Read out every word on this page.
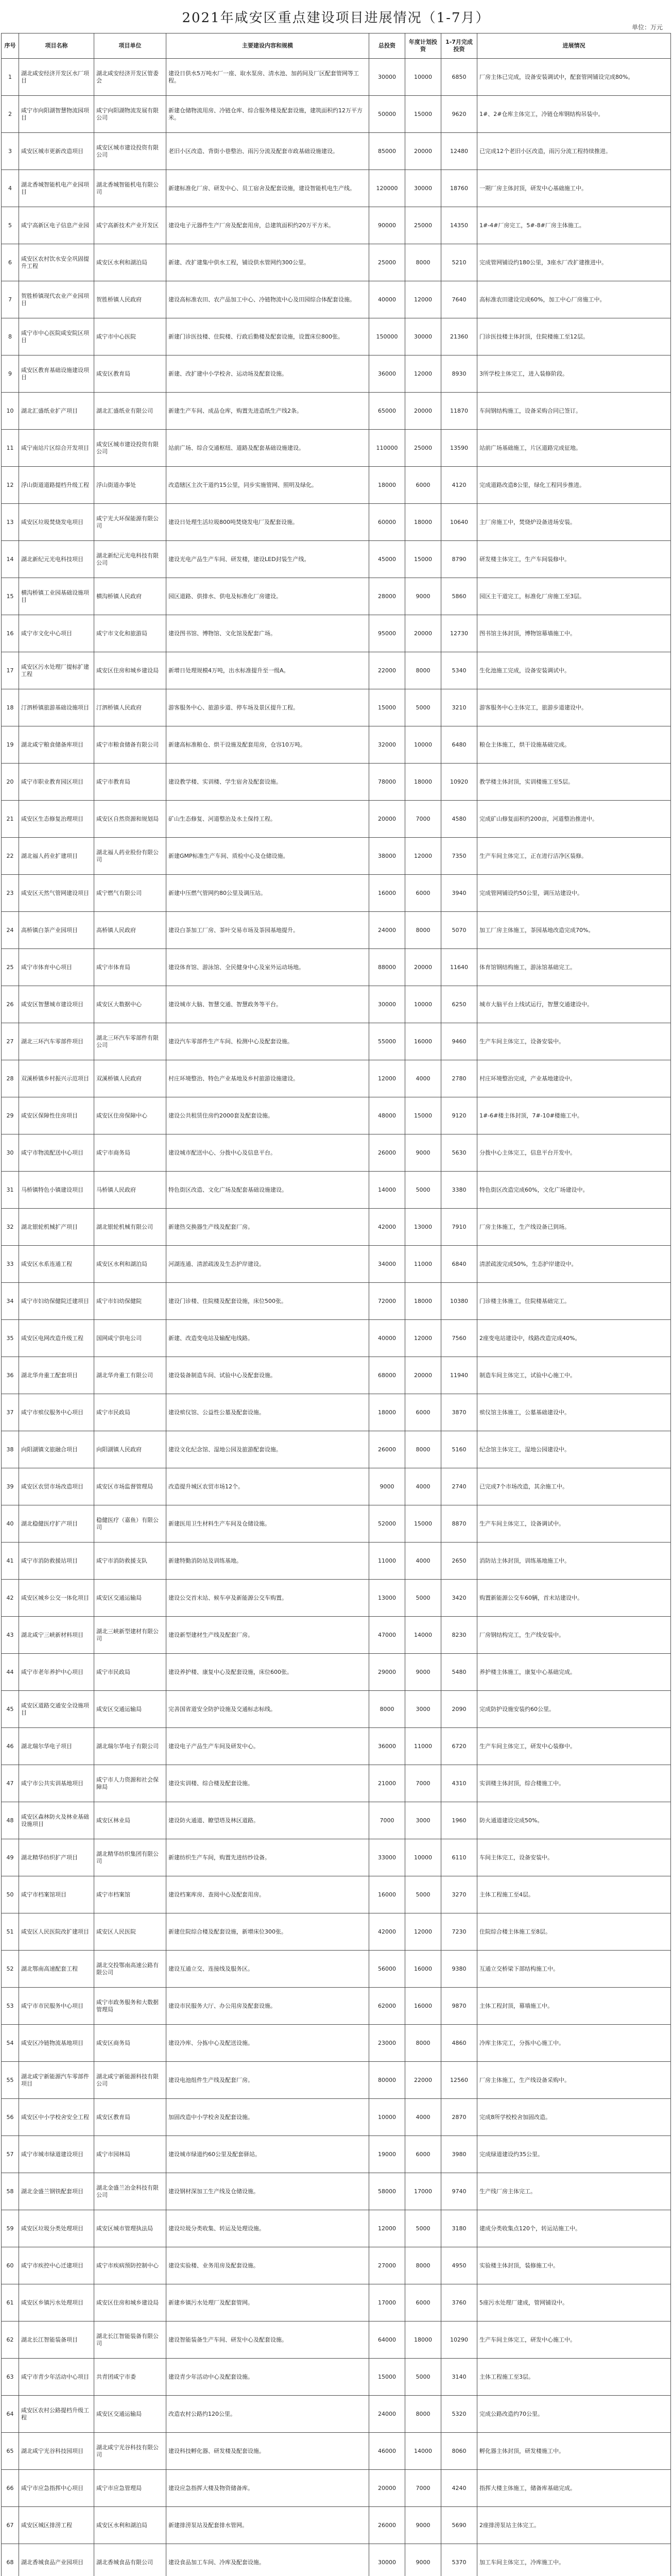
2021年咸安区重点建设项目进展情况（1-7月）
单位：万元
序号	项目名称	项目单位	主要建设内容和规模	总投资	年度计划投资	1-7月完成投资	进展情况
1	湖北咸安经济开发区水厂项目	湖北咸安经济开发区管委会	建设日供水5万吨水厂一座、取水泵房、清水池、加药间及厂区配套管网等工程。	30000	10000	6850	厂房主体已完成，设备安装调试中，配套管网铺设完成80%。
2	咸宁市向阳湖智慧物流园项目	咸宁向阳湖物流发展有限公司	新建仓储物流用房、冷链仓库、综合服务楼及配套设施，建筑面积约12万平方米。	50000	15000	9620	1#、2#仓库主体完工，冷链仓库钢结构吊装中。
3	咸安区城市更新改造项目	咸安区城市建设投资有限公司	老旧小区改造、背街小巷整治、雨污分流及配套市政基础设施建设。	85000	20000	12480	已完成12个老旧小区改造，雨污分流工程持续推进。
4	湖北香城智能机电产业园项目	湖北香城智能机电有限公司	新建标准化厂房、研发中心、员工宿舍及配套设施，建设智能机电生产线。	120000	30000	18760	一期厂房主体封顶，研发中心基础施工中。
5	咸宁高新区电子信息产业园	咸宁高新技术产业开发区	建设电子元器件生产厂房及配套用房，总建筑面积约20万平方米。	90000	25000	14350	1#-4#厂房完工，5#-8#厂房主体施工。
6	咸安区农村饮水安全巩固提升工程	咸安区水利和湖泊局	新建、改扩建集中供水工程，铺设供水管网约300公里。	25000	8000	5210	完成管网铺设约180公里，3座水厂改扩建推进中。
7	贺胜桥镇现代农业产业园项目	贺胜桥镇人民政府	建设高标准农田、农产品加工中心、冷链物流中心及田园综合体配套设施。	40000	12000	7640	高标准农田建设完成60%，加工中心厂房施工中。
8	咸宁市中心医院咸安院区项目	咸宁市中心医院	新建门诊医技楼、住院楼、行政后勤楼及配套设施，设置床位800张。	150000	30000	21360	门诊医技楼主体封顶，住院楼施工至12层。
9	咸安区教育基础设施建设项目	咸安区教育局	新建、改扩建中小学校舍、运动场及配套设施。	36000	12000	8930	3所学校主体完工，进入装修阶段。
10	湖北汇盛纸业扩产项目	湖北汇盛纸业有限公司	新建生产车间、成品仓库，购置先进造纸生产线2条。	65000	20000	11870	车间钢结构施工，设备采购合同已签订。
11	咸宁南站片区综合开发项目	咸安区城市建设投资有限公司	站前广场、综合交通枢纽、道路及配套基础设施建设。	110000	25000	13590	站前广场基础施工，片区道路完成征地。
12	浮山街道道路提档升级工程	浮山街道办事处	改造辖区主次干道约15公里，同步实施管网、照明及绿化。	18000	6000	4120	完成道路改造8公里，绿化工程同步推进。
13	咸安区垃圾焚烧发电项目	咸宁光大环保能源有限公司	建设日处理生活垃圾800吨焚烧发电厂及配套设施。	60000	18000	10640	主厂房施工中，焚烧炉设备进场安装。
14	湖北新纪元光电科技项目	湖北新纪元光电科技有限公司	建设光电产品生产车间、研发楼，建设LED封装生产线。	45000	15000	8790	研发楼主体完工，生产车间装修中。
15	横沟桥镇工业园基础设施项目	横沟桥镇人民政府	园区道路、供排水、供电及标准化厂房建设。	28000	9000	5860	园区主干道完工，标准化厂房施工至3层。
16	咸宁市文化中心项目	咸宁市文化和旅游局	建设图书馆、博物馆、文化馆及配套广场。	95000	20000	12730	图书馆主体封顶，博物馆幕墙施工中。
17	咸安区污水处理厂提标扩建工程	咸安区住房和城乡建设局	新增日处理规模4万吨，出水标准提升至一级A。	22000	8000	5340	生化池施工完成，设备安装调试中。
18	汀泗桥镇旅游基础设施项目	汀泗桥镇人民政府	游客服务中心、旅游步道、停车场及景区提升工程。	15000	5000	3210	游客服务中心主体完工，旅游步道建设中。
19	湖北咸宁粮食储备库项目	咸宁市粮食储备有限公司	新建高标准粮仓、烘干设施及配套用房，仓容10万吨。	32000	10000	6480	粮仓主体施工，烘干设施基础完成。
20	咸宁市职业教育园区项目	咸宁市教育局	建设教学楼、实训楼、学生宿舍及配套设施。	78000	18000	10920	教学楼主体封顶，实训楼施工至5层。
21	咸安区生态修复治理项目	咸安区自然资源和规划局	矿山生态修复、河道整治及水土保持工程。	20000	7000	4580	完成矿山修复面积约200亩，河道整治推进中。
22	湖北福人药业扩建项目	湖北福人药业股份有限公司	新建GMP标准生产车间、质检中心及仓储设施。	38000	12000	7350	生产车间主体完工，正在进行洁净区装修。
23	咸安区天然气管网建设项目	咸宁燃气有限公司	新建中压燃气管网约80公里及调压站。	16000	6000	3940	完成管网铺设约50公里，调压站建设中。
24	高桥镇白茶产业园项目	高桥镇人民政府	建设白茶加工厂房、茶叶交易市场及茶园基地提升。	24000	8000	5070	加工厂房主体施工，茶园基地改造完成70%。
25	咸宁市体育中心项目	咸宁市体育局	建设体育馆、游泳馆、全民健身中心及室外运动场地。	88000	20000	11640	体育馆钢结构施工，游泳馆基础完工。
26	咸安区智慧城市建设项目	咸安区大数据中心	建设城市大脑、智慧交通、智慧政务等平台。	30000	10000	6250	城市大脑平台上线试运行，智慧交通建设中。
27	湖北三环汽车零部件项目	湖北三环汽车零部件有限公司	建设汽车零部件生产车间、检测中心及配套设施。	55000	16000	9460	生产车间主体完工，设备安装中。
28	双溪桥镇乡村振兴示范项目	双溪桥镇人民政府	村庄环境整治、特色产业基地及乡村旅游设施建设。	12000	4000	2780	村庄环境整治完成，产业基地建设中。
29	咸安区保障性住房项目	咸安区住房保障中心	建设公共租赁住房约2000套及配套设施。	48000	15000	9120	1#-6#楼主体封顶，7#-10#楼施工中。
30	咸宁市物流配送中心项目	咸宁市商务局	建设城市配送中心、分拨中心及信息平台。	26000	9000	5630	分拨中心主体完工，信息平台开发中。
31	马桥镇特色小镇建设项目	马桥镇人民政府	特色街区改造、文化广场及配套基础设施建设。	14000	5000	3380	特色街区改造完成60%，文化广场建设中。
32	湖北银轮机械扩产项目	湖北银轮机械有限公司	新建热交换器生产线及配套厂房。	42000	13000	7910	厂房主体施工，生产线设备已到场。
33	咸安区水系连通工程	咸安区水利和湖泊局	河湖连通、清淤疏浚及生态护岸建设。	34000	11000	6840	清淤疏浚完成50%，生态护岸建设中。
34	咸宁市妇幼保健院迁建项目	咸宁市妇幼保健院	建设门诊楼、住院楼及配套设施，床位500张。	72000	18000	10380	门诊楼主体施工，住院楼基础完工。
35	咸安区电网改造升级工程	国网咸宁供电公司	新建、改造变电站及输配电线路。	40000	12000	7560	2座变电站建设中，线路改造完成40%。
36	湖北华舟重工配套项目	湖北华舟重工有限公司	建设装备制造车间、试验中心及配套设施。	68000	20000	11940	制造车间主体完工，试验中心施工中。
37	咸宁市殡仪服务中心项目	咸宁市民政局	建设殡仪馆、公益性公墓及配套设施。	18000	6000	3870	殡仪馆主体施工，公墓基础建设中。
38	向阳湖镇文旅融合项目	向阳湖镇人民政府	建设文化纪念馆、湿地公园及旅游配套设施。	26000	8000	5160	纪念馆主体完工，湿地公园建设中。
39	咸安区农贸市场改造项目	咸安区市场监督管理局	改造提升城区农贸市场12个。	9000	4000	2740	已完成7个市场改造，其余施工中。
40	湖北稳健医疗扩产项目	稳健医疗（嘉鱼）有限公司	新建医用卫生材料生产车间及仓储设施。	52000	15000	8870	生产车间主体完工，设备调试中。
41	咸宁市消防救援站项目	咸宁市消防救援支队	新建特勤消防站及训练基地。	11000	4000	2650	消防站主体封顶，训练基地施工中。
42	咸安区城乡公交一体化项目	咸安区交通运输局	建设公交首末站、候车亭及新能源公交车购置。	13000	5000	3420	购置新能源公交车60辆，首末站建设中。
43	湖北咸宁三峡新材料项目	湖北三峡新型建材有限公司	建设新型建材生产线及配套厂房。	47000	14000	8230	厂房钢结构完工，生产线安装中。
44	咸宁市老年养护中心项目	咸宁市民政局	建设养护楼、康复中心及配套设施，床位600张。	29000	9000	5480	养护楼主体施工，康复中心基础完成。
45	咸安区道路交通安全设施项目	咸安区交通运输局	完善国省道安全防护设施及交通标志标线。	8000	3000	2090	完成防护设施安装约60公里。
46	湖北瑞尔华电子项目	湖北瑞尔华电子有限公司	建设电子产品生产车间及研发中心。	36000	11000	6720	生产车间主体完工，研发中心装修中。
47	咸宁市公共实训基地项目	咸宁市人力资源和社会保障局	建设实训楼、综合楼及配套设施。	21000	7000	4310	实训楼主体封顶，综合楼施工中。
48	咸安区森林防火及林业基础设施项目	咸安区林业局	建设防火通道、瞭望塔及林区道路。	7000	3000	1960	防火通道建设完成50%。
49	湖北精华纺织扩产项目	湖北精华纺织集团有限公司	新建纺织生产车间，购置先进纺纱设备。	33000	10000	6110	车间主体完工，设备安装中。
50	咸宁市档案馆项目	咸宁市档案馆	建设档案库房、查阅中心及配套用房。	16000	5000	3270	主体工程施工至4层。
51	咸安区人民医院改扩建项目	咸安区人民医院	新建住院综合楼及配套设施，新增床位300张。	42000	12000	7230	住院综合楼主体施工至8层。
52	湖北鄂南高速配套工程	湖北交投鄂南高速公路有限公司	建设互通立交、连接线及服务区。	56000	16000	9380	互通立交桥梁下部结构施工中。
53	咸宁市市民服务中心项目	咸宁市政务服务和大数据管理局	建设市民服务大厅、办公用房及配套设施。	62000	16000	9870	主体工程封顶，幕墙施工中。
54	咸安区冷链物流基地项目	咸安区商务局	建设冷库、分拣中心及配送设施。	23000	8000	4860	冷库主体完工，分拣中心施工中。
55	湖北咸宁新能源汽车零部件项目	湖北咸宁新能源科技有限公司	建设电池组件生产线及配套厂房。	80000	22000	12560	厂房主体施工，生产线设备采购中。
56	咸安区中小学校舍安全工程	咸安区教育局	加固改造中小学校舍及配套设施。	10000	4000	2870	完成8所学校校舍加固改造。
57	咸宁市城市绿道建设项目	咸宁市园林局	建设城市绿道约60公里及配套驿站。	19000	6000	3980	完成绿道建设约35公里。
58	湖北金盛兰钢铁配套项目	湖北金盛兰冶金科技有限公司	建设钢材深加工生产线及仓储设施。	58000	17000	9740	生产线厂房主体完工。
59	咸安区垃圾分类处理项目	咸安区城市管理执法局	建设垃圾分类收集、转运及处理设施。	12000	5000	3180	建成分类收集点120个，转运站施工中。
60	咸宁市疾控中心迁建项目	咸宁市疾病预防控制中心	建设实验楼、业务用房及配套设施。	27000	8000	4950	实验楼主体封顶，装修施工中。
61	咸安区乡镇污水处理项目	咸安区住房和城乡建设局	新建乡镇污水处理厂及配套管网。	17000	6000	3760	5座污水处理厂建成，管网铺设中。
62	湖北长江智能装备项目	湖北长江智能装备有限公司	建设智能装备生产车间、研发中心及配套设施。	64000	18000	10290	生产车间主体完工，研发中心施工中。
63	咸宁市青少年活动中心项目	共青团咸宁市委	建设青少年活动中心及配套设施。	15000	5000	3140	主体工程施工至3层。
64	咸安区农村公路提档升级工程	咸安区交通运输局	改造农村公路约120公里。	24000	8000	5320	完成公路改造约70公里。
65	湖北咸宁光谷科技园项目	湖北咸宁光谷科技有限公司	建设科技孵化器、研发楼及配套设施。	46000	14000	8060	孵化器主体封顶，研发楼施工中。
66	咸宁市应急指挥中心项目	咸宁市应急管理局	建设应急指挥大楼及物资储备库。	20000	7000	4240	指挥大楼主体施工，储备库基础完成。
67	咸安区城区排涝工程	咸安区水利和湖泊局	新建排涝泵站及配套排水管网。	26000	9000	5690	2座排涝泵站主体完工。
68	湖北香城食品产业园项目	湖北香城食品有限公司	建设食品加工车间、冷库及配套设施。	30000	9000	5370	加工车间主体完工，冷库施工中。
